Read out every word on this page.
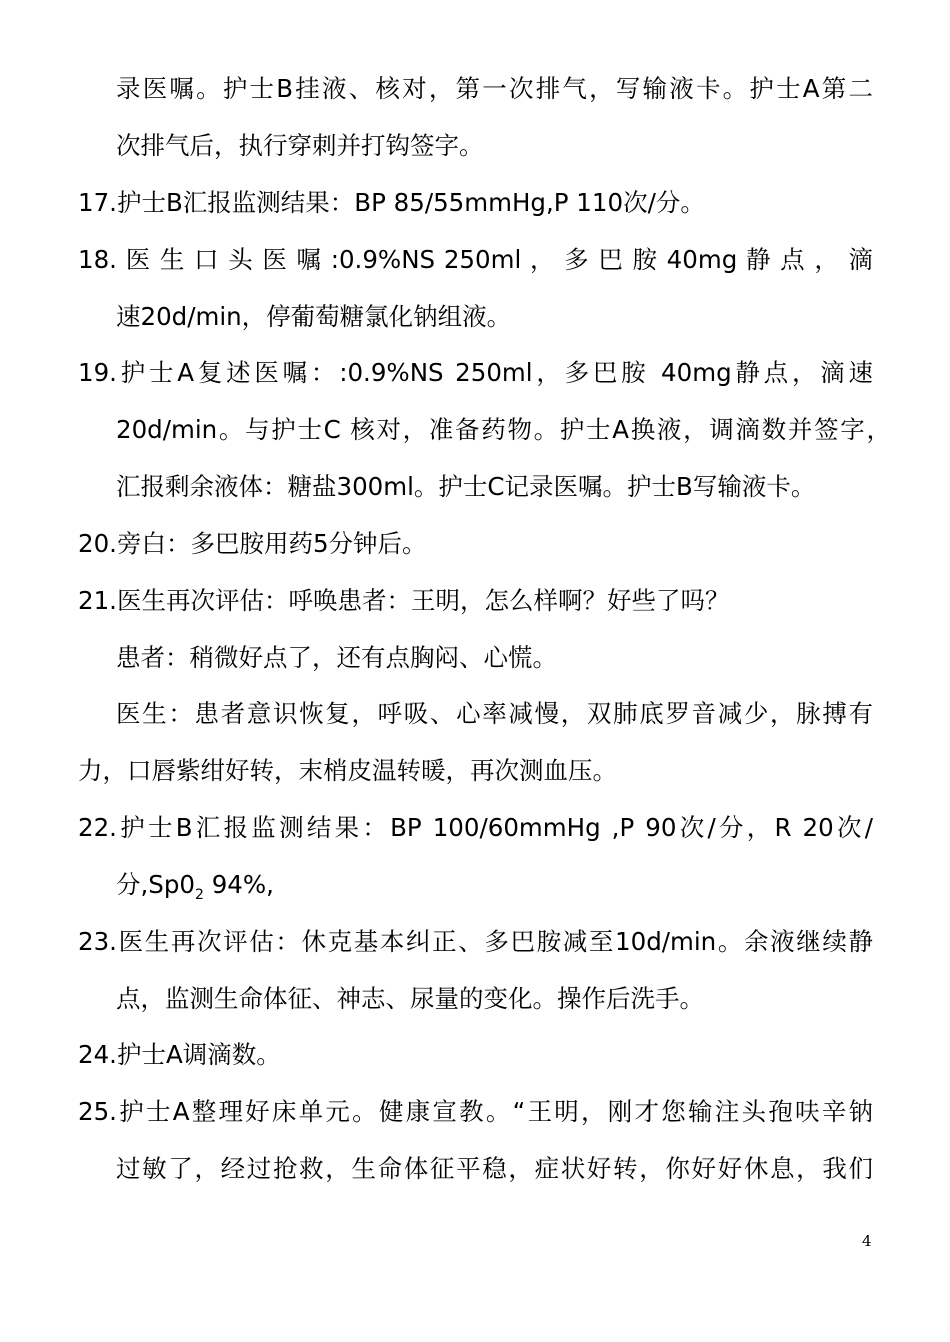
录医嘱。护士B挂液、核对，第一次排气，写输液卡。护士A第二
次排气后，执行穿刺并打钩签字。
17.护士B汇报监测结果：BP 85/55mmHg,P 110次/分。
18. 医 生 口 头 医 嘱 :0.9%NS 250ml ， 多 巴 胺 40mg 静 点 ， 滴
速20d/min，停葡萄糖氯化钠组液。
19.护士A复述医嘱：:0.9%NS 250ml，多巴胺 40mg静点，滴速
20d/min。与护士C 核对，准备药物。护士A换液，调滴数并签字，
汇报剩余液体：糖盐300ml。护士C记录医嘱。护士B写输液卡。
20.旁白：多巴胺用药5分钟后。
21.医生再次评估：呼唤患者：王明，怎么样啊？好些了吗？
患者：稍微好点了，还有点胸闷、心慌。
医生：患者意识恢复，呼吸、心率减慢，双肺底罗音减少，脉搏有
力，口唇紫绀好转，末梢皮温转暖，再次测血压。
22.护士B汇报监测结果：BP 100/60mmHg ,P 90次/分，R 20次/
分$,Sp0_2$ 94%,
23.医生再次评估：休克基本纠正、多巴胺减至10d/min。余液继续静
点，监测生命体征、神志、尿量的变化。操作后洗手。
24.护士A调滴数。
25.护士A整理好床单元。健康宣教。“王明，刚才您输注头孢呋辛钠
过敏了，经过抢救，生命体征平稳，症状好转，你好好休息，我们
4
